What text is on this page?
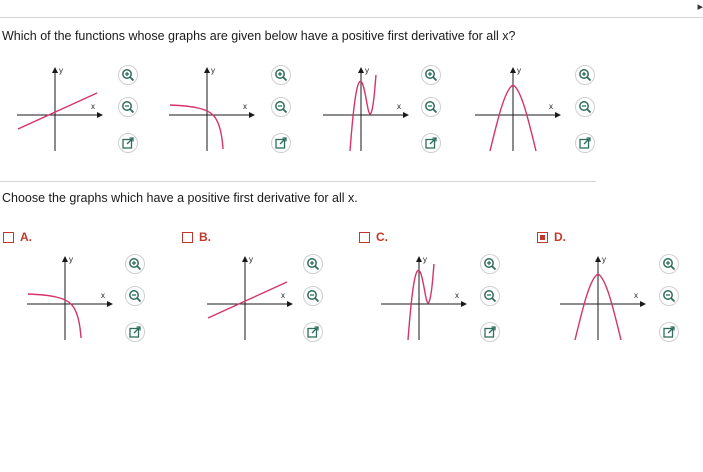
▸
Which of the functions whose graphs are given below have a positive first derivative for all x?
x
y
x
y
x
y
x
y
Choose the graphs which have a positive first derivative for all x.
A.	B.	C.	D.
x
y
x
y
x
y
x
y
